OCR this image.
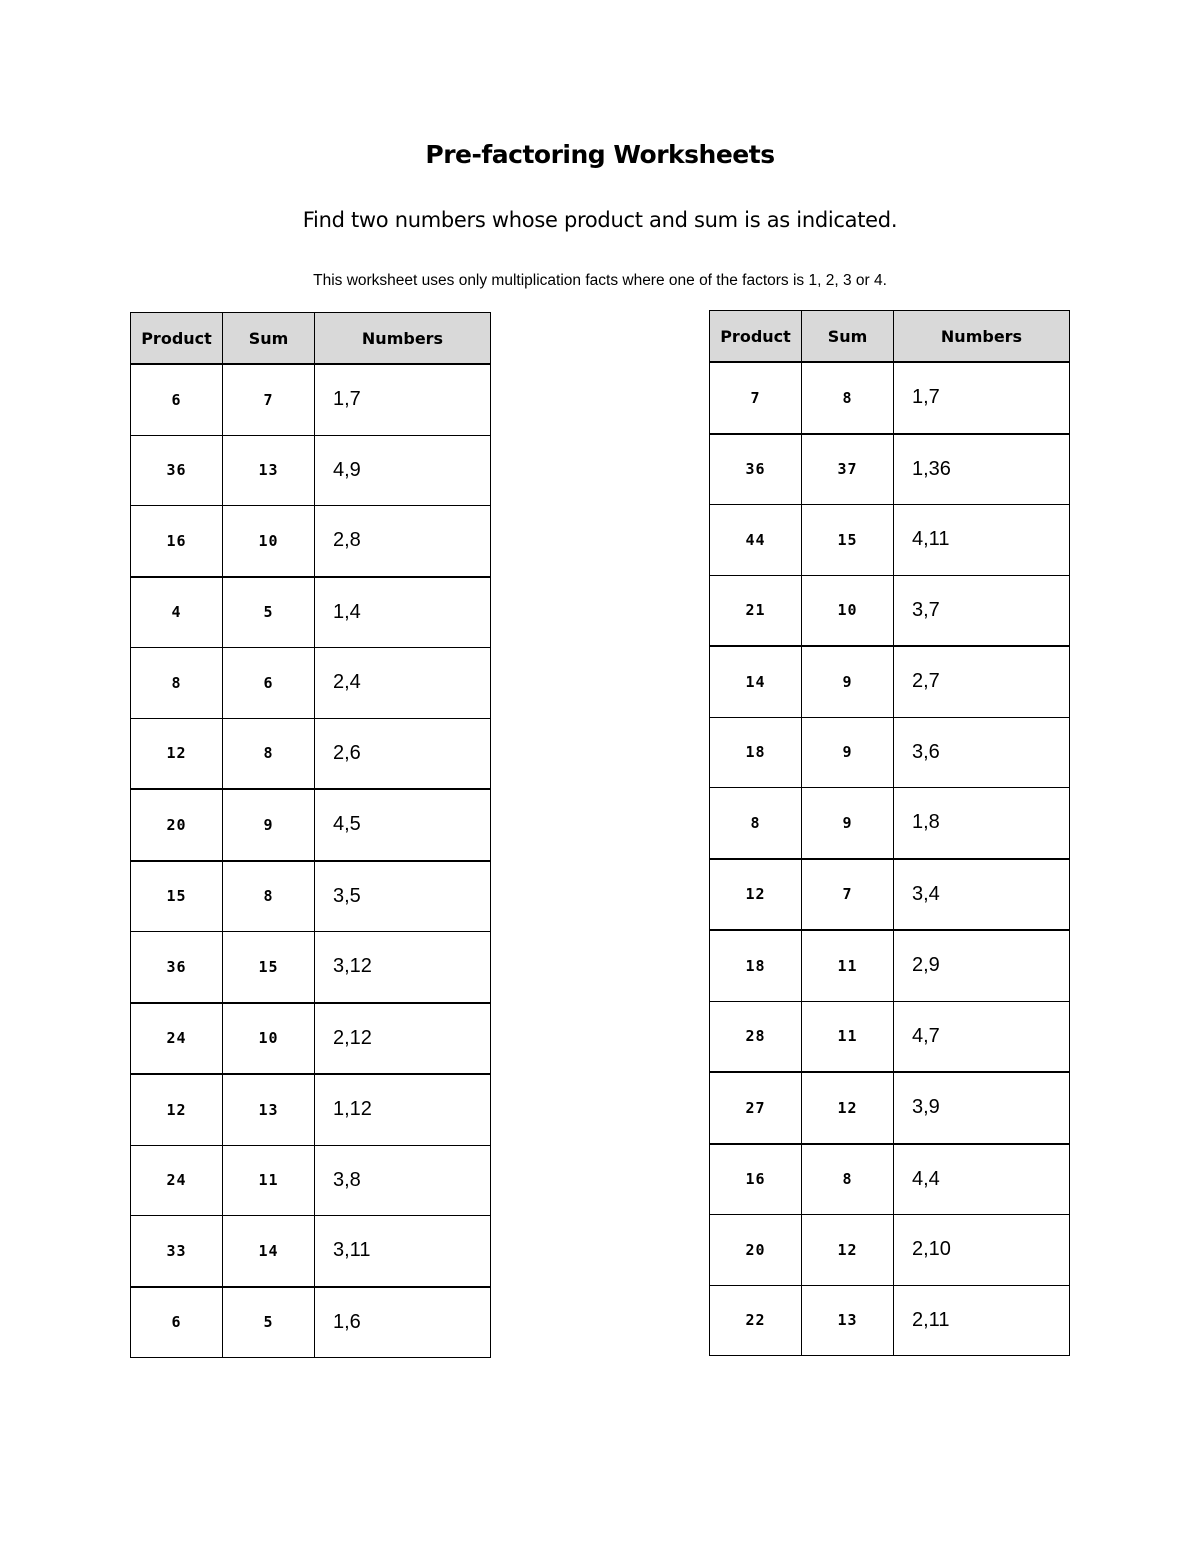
Pre-factoring Worksheets
Find two numbers whose product and sum is as indicated.
This worksheet uses only multiplication facts where one of the factors is 1, 2, 3 or 4.
Product	Sum	Numbers
6	7	1,7
36	13	4,9
16	10	2,8
4	5	1,4
8	6	2,4
12	8	2,6
20	9	4,5
15	8	3,5
36	15	3,12
24	10	2,12
12	13	1,12
24	11	3,8
33	14	3,11
6	5	1,6
Product	Sum	Numbers
7	8	1,7
36	37	1,36
44	15	4,11
21	10	3,7
14	9	2,7
18	9	3,6
8	9	1,8
12	7	3,4
18	11	2,9
28	11	4,7
27	12	3,9
16	8	4,4
20	12	2,10
22	13	2,11
